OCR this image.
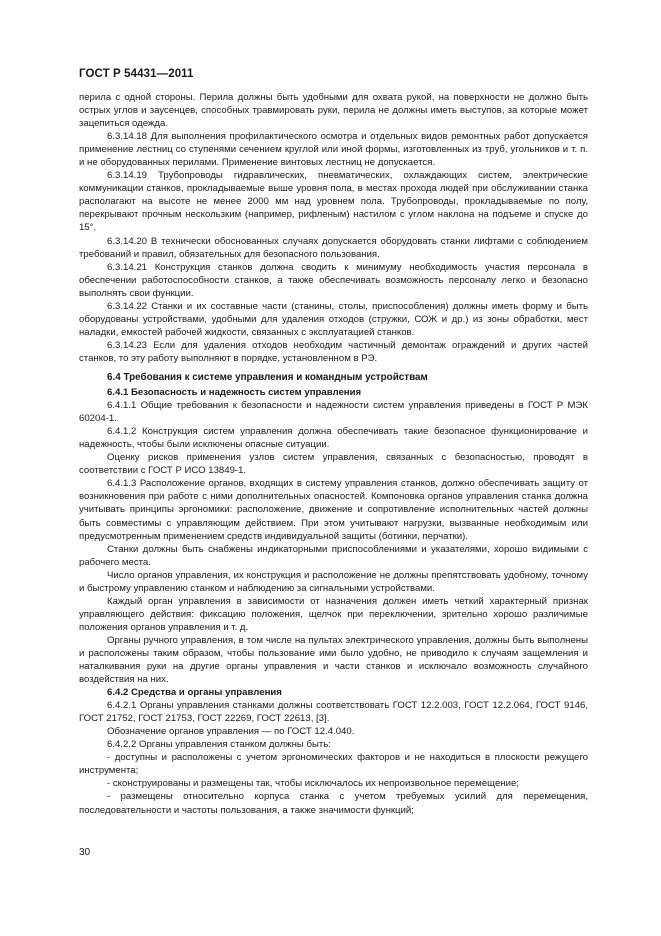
ГОСТ Р 54431—2011

перила с одной стороны. Перила должны быть удобными для охвата рукой, на поверхности не должно быть острых углов и заусенцев, способных травмировать руки, перила не должны иметь выступов, за которые может зацепиться одежда.

6.3.14.18 Для выполнения профилактического осмотра и отдельных видов ремонтных работ допускается применение лестниц со ступенями сечением круглой или иной формы, изготовленных из труб, угольников и т. п. и не оборудованных перилами. Применение винтовых лестниц не допускается.

6.3.14.19 Трубопроводы гидравлических, пневматических, охлаждающих систем, электрические коммуникации станков, прокладываемые выше уровня пола, в местах прохода людей при обслуживании станка располагают на высоте не менее 2000 мм над уровнем пола. Трубопроводы, прокладываемые по полу, перекрывают прочным нескользким (например, рифленым) настилом с углом наклона на подъеме и спуске до 15°.

6.3.14.20 В технически обоснованных случаях допускается оборудовать станки лифтами с соблюдением требований и правил, обязательных для безопасного пользования.

6.3.14.21 Конструкция станков должна сводить к минимуму необходимость участия персонала в обеспечении работоспособности станков, а также обеспечивать возможность персоналу легко и безопасно выполнять свои функции.

6.3.14.22 Станки и их составные части (станины, столы, приспособления) должны иметь форму и быть оборудованы устройствами, удобными для удаления отходов (стружки, СОЖ и др.) из зоны обработки, мест наладки, емкостей рабочей жидкости, связанных с эксплуатацией станков.

6.3.14.23 Если для удаления отходов необходим частичный демонтаж ограждений и других частей станков, то эту работу выполняют в порядке, установленном в РЭ.

6.4 Требования к системе управления и командным устройствам
6.4.1 Безопасность и надежность систем управления

6.4.1.1 Общие требования к безопасности и надежности систем управления приведены в ГОСТ Р МЭК 60204-1.

6.4.1.2 Конструкция систем управления должна обеспечивать такие безопасное функционирование и надежность, чтобы были исключены опасные ситуации.

Оценку рисков применения узлов систем управления, связанных с безопасностью, проводят в соответствии с ГОСТ Р ИСО 13849-1.

6.4.1.3 Расположение органов, входящих в систему управления станков, должно обеспечивать защиту от возникновения при работе с ними дополнительных опасностей. Компоновка органов управления станка должна учитывать принципы эргономики: расположение, движение и сопротивление исполнительных частей должны быть совместимы с управляющим действием. При этом учитывают нагрузки, вызванные необходимым или предусмотренным применением средств индивидуальной защиты (ботинки, перчатки).

Станки должны быть снабжены индикаторными приспособлениями и указателями, хорошо видимыми с рабочего места.

Число органов управления, их конструкция и расположение не должны препятствовать удобному, точному и быстрому управлению станком и наблюдению за сигнальными устройствами.

Каждый орган управления в зависимости от назначения должен иметь четкий характерный признак управляющего действия: фиксацию положения, щелчок при переключении, зрительно хорошо различимые положения органов управления и т. д.

Органы ручного управления, в том числе на пультах электрического управления, должны быть выполнены и расположены таким образом, чтобы пользование ими было удобно, не приводило к случаям защемления и наталкивания руки на другие органы управления и части станков и исключало возможность случайного воздействия на них.

6.4.2 Средства и органы управления

6.4.2.1 Органы управления станками должны соответствовать ГОСТ 12.2.003, ГОСТ 12.2.064, ГОСТ 9146, ГОСТ 21752, ГОСТ 21753, ГОСТ 22269, ГОСТ 22613, [3].

Обозначение органов управления — по ГОСТ 12.4.040.

6.4.2.2 Органы управления станком должны быть:

- доступны и расположены с учетом эргономических факторов и не находиться в плоскости режущего инструмента;

- сконструированы и размещены так, чтобы исключалось их непроизвольное перемещение;

- размещены относительно корпуса станка с учетом требуемых усилий для перемещения, последовательности и частоты пользования, а также значимости функций;

30
